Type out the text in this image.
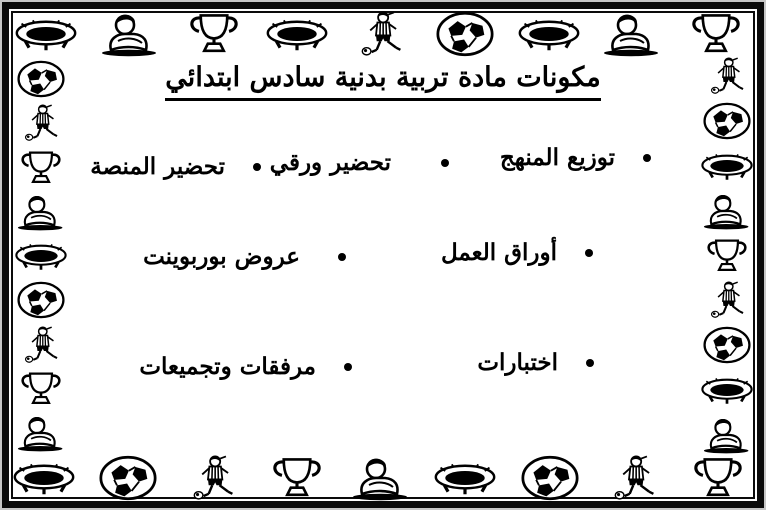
مكونات مادة تربية بدنية سادس ابتدائي
توزيع المنهج
تحضير ورقي
تحضير المنصة
أوراق العمل
عروض بوربوينت
اختبارات
مرفقات وتجميعات
